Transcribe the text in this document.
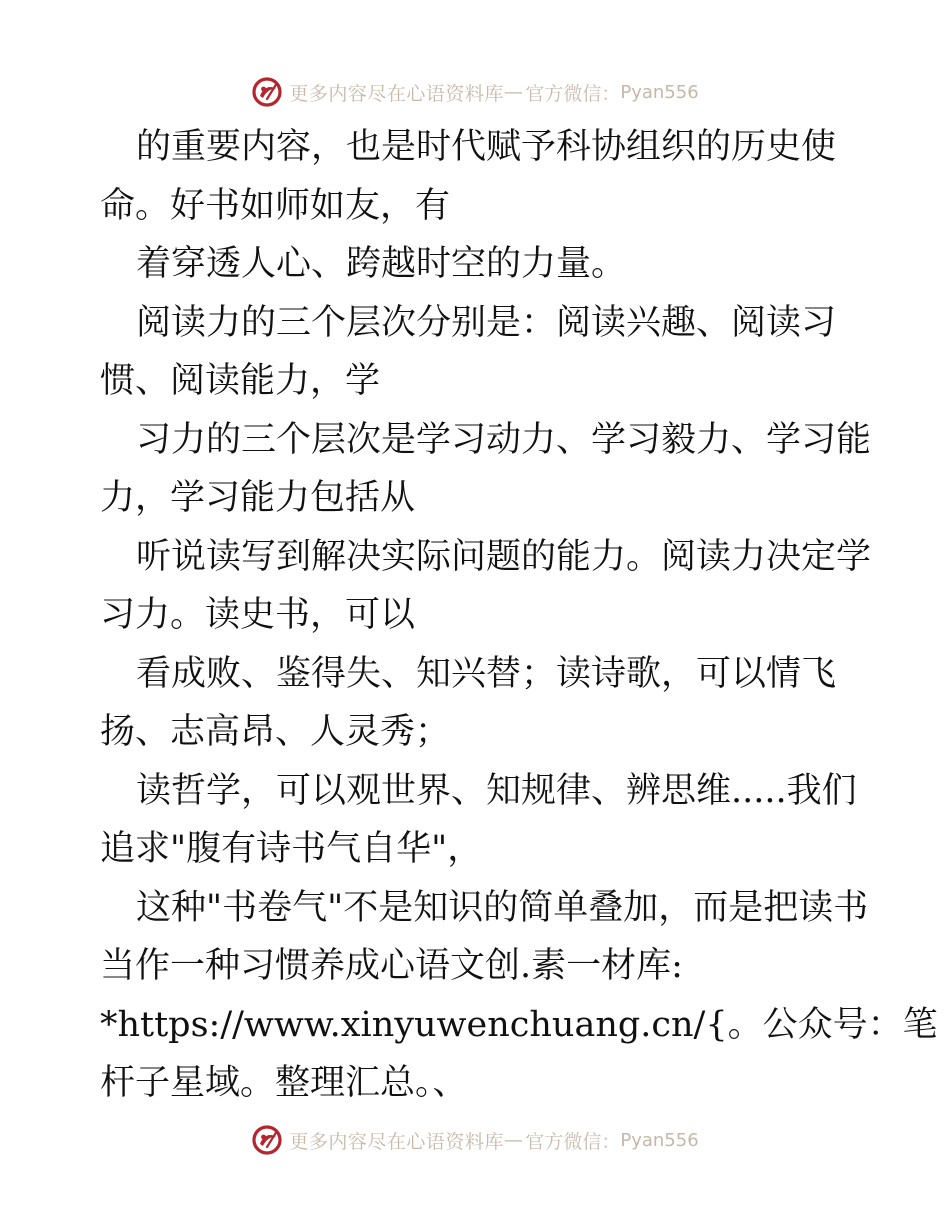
更多内容尽在心语资料库 — 官方微信： Pyan556
的重要内容，也是时代赋予科协组织的历史使
命。好书如师如友，有
着穿透人心、跨越时空的力量。
阅读力的三个层次分别是：阅读兴趣、阅读习
惯、阅读能力，学
习力的三个层次是学习动力、学习毅力、学习能
力，学习能力包括从
听说读写到解决实际问题的能力。阅读力决定学
习力。读史书，可以
看成败、鉴得失、知兴替；读诗歌，可以情飞
扬、志高昂、人灵秀；
读哲学，可以观世界、知规律、辨思维.....我们
追求"腹有诗书气自华"，
这种"书卷气"不是知识的简单叠加，而是把读书
当作一种习惯养成心语文创.素一材库:
*https://www.xinyuwenchuang.cn/{。公众号：笔
杆子星域。整理汇总。、
更多内容尽在心语资料库 — 官方微信： Pyan556
